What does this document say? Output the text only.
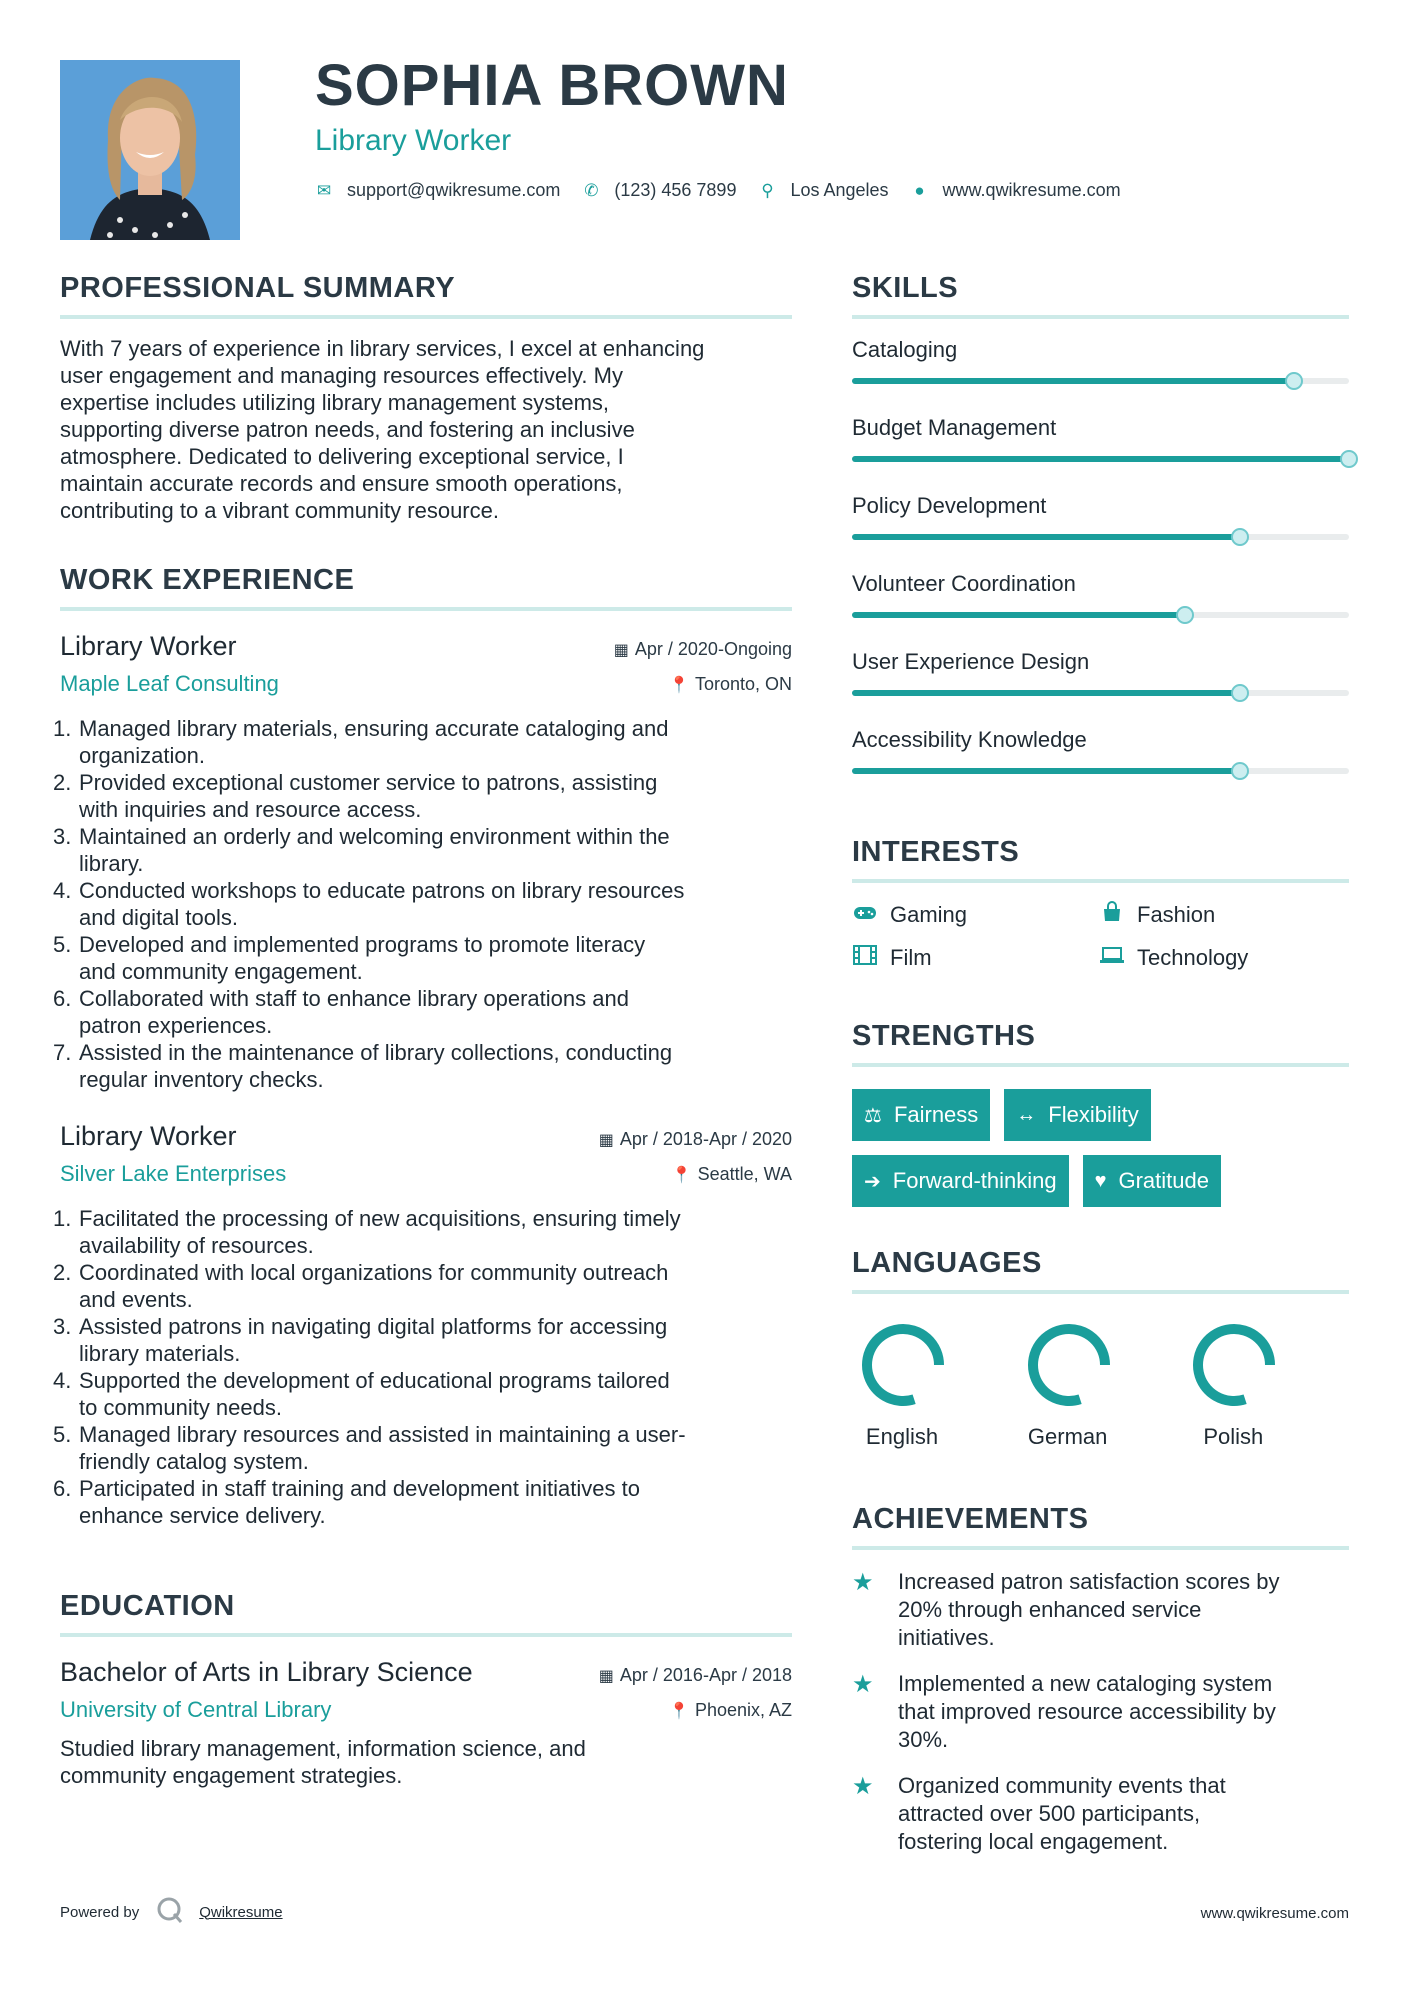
SOPHIA BROWN
Library Worker
✉ support@qwikresume.com ✆ (123) 456 7899 ⚲ Los Angeles ● www.qwikresume.com
PROFESSIONAL SUMMARY
With 7 years of experience in library services, I excel at enhancing
user engagement and managing resources effectively. My
expertise includes utilizing library management systems,
supporting diverse patron needs, and fostering an inclusive
atmosphere. Dedicated to delivering exceptional service, I
maintain accurate records and ensure smooth operations,
contributing to a vibrant community resource.
WORK EXPERIENCE
Library Worker
Maple Leaf Consulting
▦ Apr / 2020-Ongoing
📍 Toronto, ON
1. Managed library materials, ensuring accurate cataloging and
organization.
2. Provided exceptional customer service to patrons, assisting
with inquiries and resource access.
3. Maintained an orderly and welcoming environment within the
library.
4. Conducted workshops to educate patrons on library resources
and digital tools.
5. Developed and implemented programs to promote literacy
and community engagement.
6. Collaborated with staff to enhance library operations and
patron experiences.
7. Assisted in the maintenance of library collections, conducting
regular inventory checks.
Library Worker
Silver Lake Enterprises
▦ Apr / 2018-Apr / 2020
📍 Seattle, WA
1. Facilitated the processing of new acquisitions, ensuring timely
availability of resources.
2. Coordinated with local organizations for community outreach
and events.
3. Assisted patrons in navigating digital platforms for accessing
library materials.
4. Supported the development of educational programs tailored
to community needs.
5. Managed library resources and assisted in maintaining a user-
friendly catalog system.
6. Participated in staff training and development initiatives to
enhance service delivery.
EDUCATION
Bachelor of Arts in Library Science
University of Central Library
▦ Apr / 2016-Apr / 2018
📍 Phoenix, AZ
Studied library management, information science, and
community engagement strategies.
SKILLS
Cataloging
Budget Management
Policy Development
Volunteer Coordination
User Experience Design
Accessibility Knowledge
INTERESTS
Gaming	Fashion
Film	Technology
STRENGTHS
⚖ Fairness ↔ Flexibility
➔ Forward-thinking ♥ Gratitude
LANGUAGES
English	German	Polish
ACHIEVEMENTS
★	Increased patron satisfaction scores by
20% through enhanced service
initiatives.
★	Implemented a new cataloging system
that improved resource accessibility by
30%.
★	Organized community events that
attracted over 500 participants,
fostering local engagement.
Powered by	Qwikresume	www.qwikresume.com
